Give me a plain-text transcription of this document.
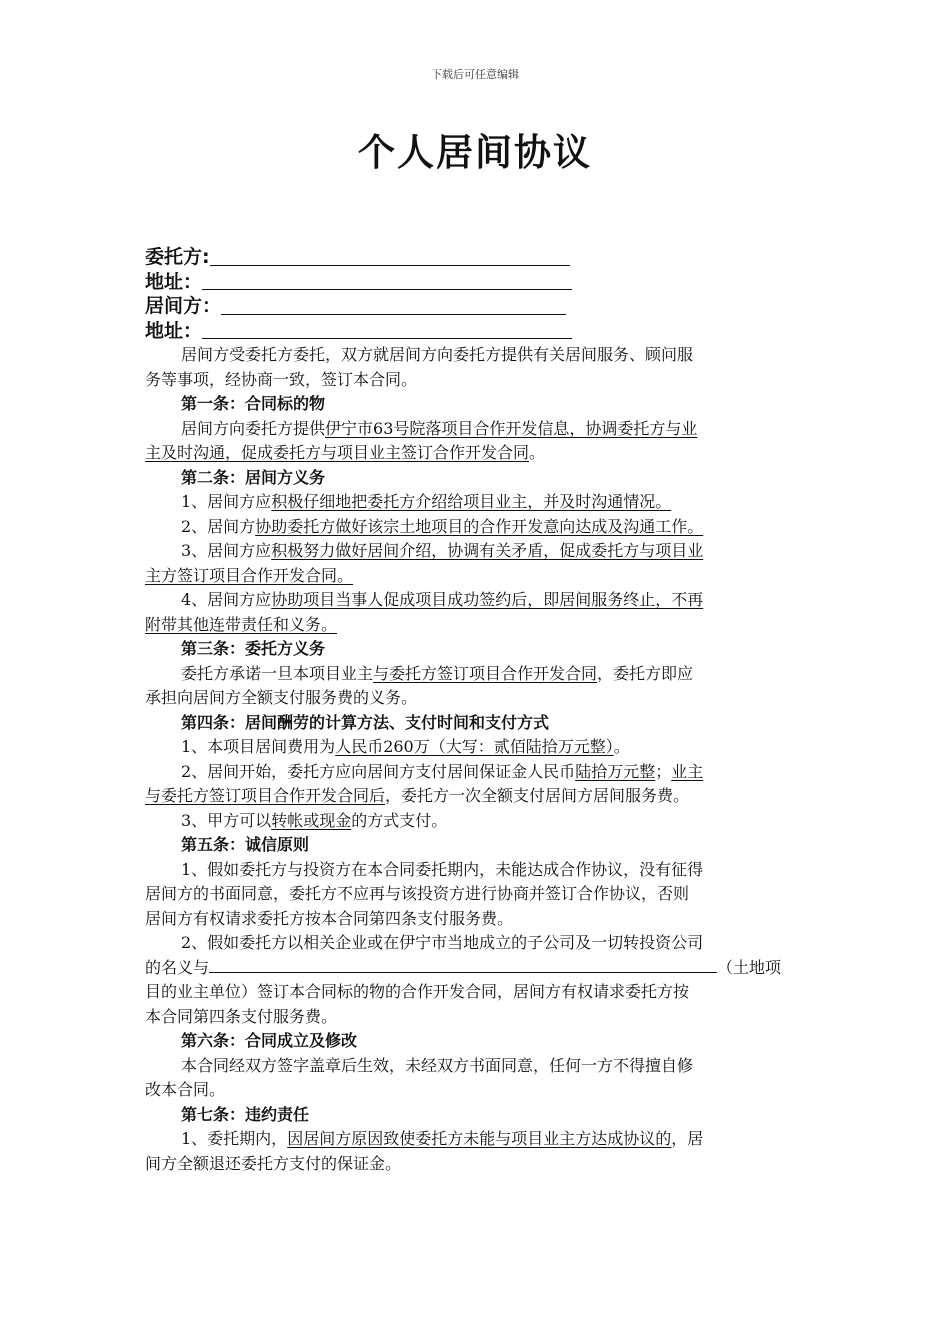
下载后可任意编辑
个人居间协议
委托方:
地址：
居间方：
地址：

居间方受委托方委托，双方就居间方向委托方提供有关居间服务、顾问服
务等事项，经协商一致，签订本合同。

第一条：合同标的物

居间方向委托方提供伊宁市63号院落项目合作开发信息，协调委托方与业
主及时沟通，促成委托方与项目业主签订合作开发合同。

第二条：居间方义务

1、居间方应积极仔细地把委托方介绍给项目业主，并及时沟通情况。

2、居间方协助委托方做好该宗土地项目的合作开发意向达成及沟通工作。

3、居间方应积极努力做好居间介绍，协调有关矛盾，促成委托方与项目业
主方签订项目合作开发合同。

4、居间方应协助项目当事人促成项目成功签约后，即居间服务终止，不再
附带其他连带责任和义务。

第三条：委托方义务

委托方承诺一旦本项目业主与委托方签订项目合作开发合同，委托方即应
承担向居间方全额支付服务费的义务。

第四条：居间酬劳的计算方法、支付时间和支付方式

1、本项目居间费用为人民币260万（大写：贰佰陆拾万元整）。

2、居间开始，委托方应向居间方支付居间保证金人民币陆拾万元整；业主
与委托方签订项目合作开发合同后，委托方一次全额支付居间方居间服务费。

3、甲方可以转帐或现金的方式支付。

第五条：诚信原则

1、假如委托方与投资方在本合同委托期内，未能达成合作协议，没有征得
居间方的书面同意，委托方不应再与该投资方进行协商并签订合作协议，否则
居间方有权请求委托方按本合同第四条支付服务费。

2、假如委托方以相关企业或在伊宁市当地成立的子公司及一切转投资公司
的名义与	（土地项
目的业主单位）签订本合同标的物的合作开发合同，居间方有权请求委托方按
本合同第四条支付服务费。

第六条：合同成立及修改

本合同经双方签字盖章后生效，未经双方书面同意，任何一方不得擅自修
改本合同。

第七条：违约责任

1、委托期内，因居间方原因致使委托方未能与项目业主方达成协议的，居
间方全额退还委托方支付的保证金。
